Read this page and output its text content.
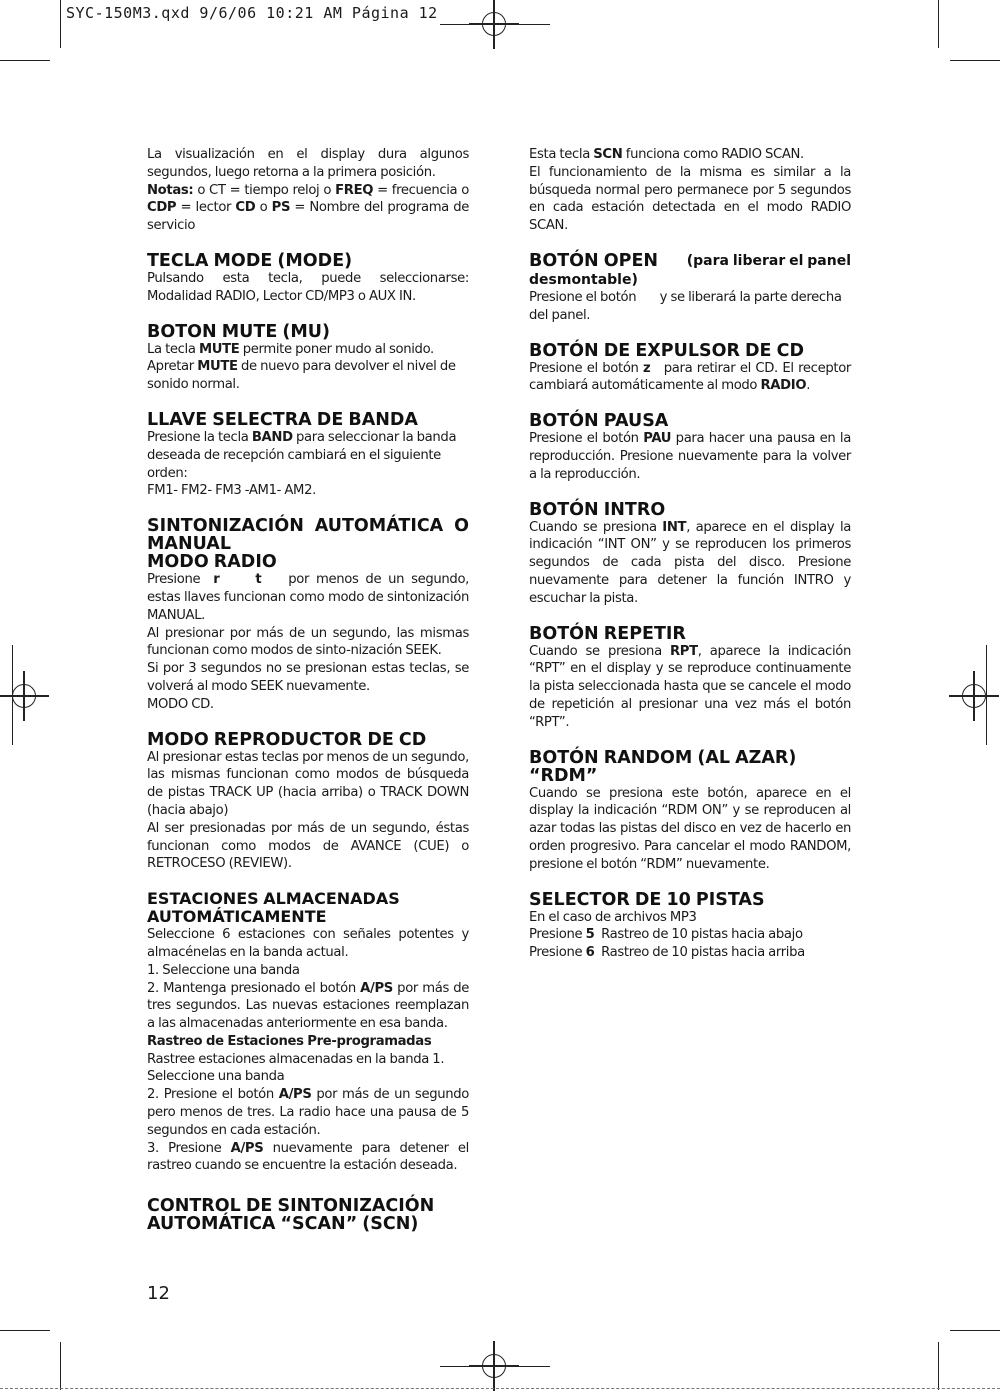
SYC-150M3.qxd 9/6/06 10:21 AM Página 12

La visualización en el display dura algunos segundos, luego retorna a la primera posición.

Notas: o CT = tiempo reloj o FREQ = frecuencia o CDP = lector CD o PS = Nombre del programa de servicio

TECLA MODE (MODE)

Pulsando esta tecla, puede seleccionarse: Modalidad RADIO, Lector CD/MP3 o AUX IN.

BOTON MUTE (MU)

La tecla MUTE permite poner mudo al sonido. Apretar MUTE de nuevo para devolver el nivel de sonido normal.

LLAVE SELECTRA DE BANDA

Presione la tecla BAND para seleccionar la banda deseada de recepción cambiará en el siguiente orden:

FM1- FM2- FM3 -AM1- AM2.

SINTONIZACIÓN AUTOMÁTICA O
MANUAL
MODO RADIO

Presione r	t por menos de un segundo, estas llaves funcionan como modo de sintonización MANUAL.

Al presionar por más de un segundo, las mismas funcionan como modos de sinto-nización SEEK.

Si por 3 segundos no se presionan estas teclas, se volverá al modo SEEK nuevamente.

MODO CD.

MODO REPRODUCTOR DE CD

Al presionar estas teclas por menos de un segundo, las mismas funcionan como modos de búsqueda de pistas TRACK UP (hacia arriba) o TRACK DOWN (hacia abajo)

Al ser presionadas por más de un segundo, éstas funcionan como modos de AVANCE (CUE) o RETROCESO (REVIEW).

ESTACIONES ALMACENADAS
AUTOMÁTICAMENTE

Seleccione 6 estaciones con señales potentes y almacénelas en la banda actual.

1. Seleccione una banda

2. Mantenga presionado el botón A/PS por más de tres segundos. Las nuevas estaciones reemplazan a las almacenadas anteriormente en esa banda.

Rastreo de Estaciones Pre-programadas

Rastree estaciones almacenadas en la banda 1.

Seleccione una banda

2. Presione el botón A/PS por más de un segundo pero menos de tres. La radio hace una pausa de 5 segundos en cada estación.

3. Presione A/PS nuevamente para detener el rastreo cuando se encuentre la estación deseada.

CONTROL DE SINTONIZACIÓN
AUTOMÁTICA “SCAN” (SCN)

Esta tecla SCN funciona como RADIO SCAN.

El funcionamiento de la misma es similar a la búsqueda normal pero permanece por 5 segundos en cada estación detectada en el modo RADIO SCAN.

BOTÓN OPEN (para liberar el panel
desmontable)

Presione el botón       y se liberará la parte derecha del panel.

BOTÓN DE EXPULSOR DE CD

Presione el botón z   para retirar el CD. El receptor cambiará automáticamente al modo RADIO.

BOTÓN PAUSA

Presione el botón PAU para hacer una pausa en la reproducción. Presione nuevamente para la volver a la reproducción.

BOTÓN INTRO

Cuando se presiona INT, aparece en el display la indicación “INT ON” y se reproducen los primeros segundos de cada pista del disco. Presione nuevamente para detener la función INTRO y escuchar la pista.

BOTÓN REPETIR

Cuando se presiona RPT, aparece la indicación “RPT” en el display y se reproduce continuamente la pista seleccionada hasta que se cancele el modo de repetición al presionar una vez más el botón “RPT”.

BOTÓN RANDOM (AL AZAR) “RDM”

Cuando se presiona este botón, aparece en el display la indicación “RDM ON” y se reproducen al azar todas las pistas del disco en vez de hacerlo en orden progresivo. Para cancelar el modo RANDOM, presione el botón “RDM” nuevamente.

SELECTOR DE 10 PISTAS

En el caso de archivos MP3

Presione 5  Rastreo de 10 pistas hacia abajo

Presione 6  Rastreo de 10 pistas hacia arriba

12
